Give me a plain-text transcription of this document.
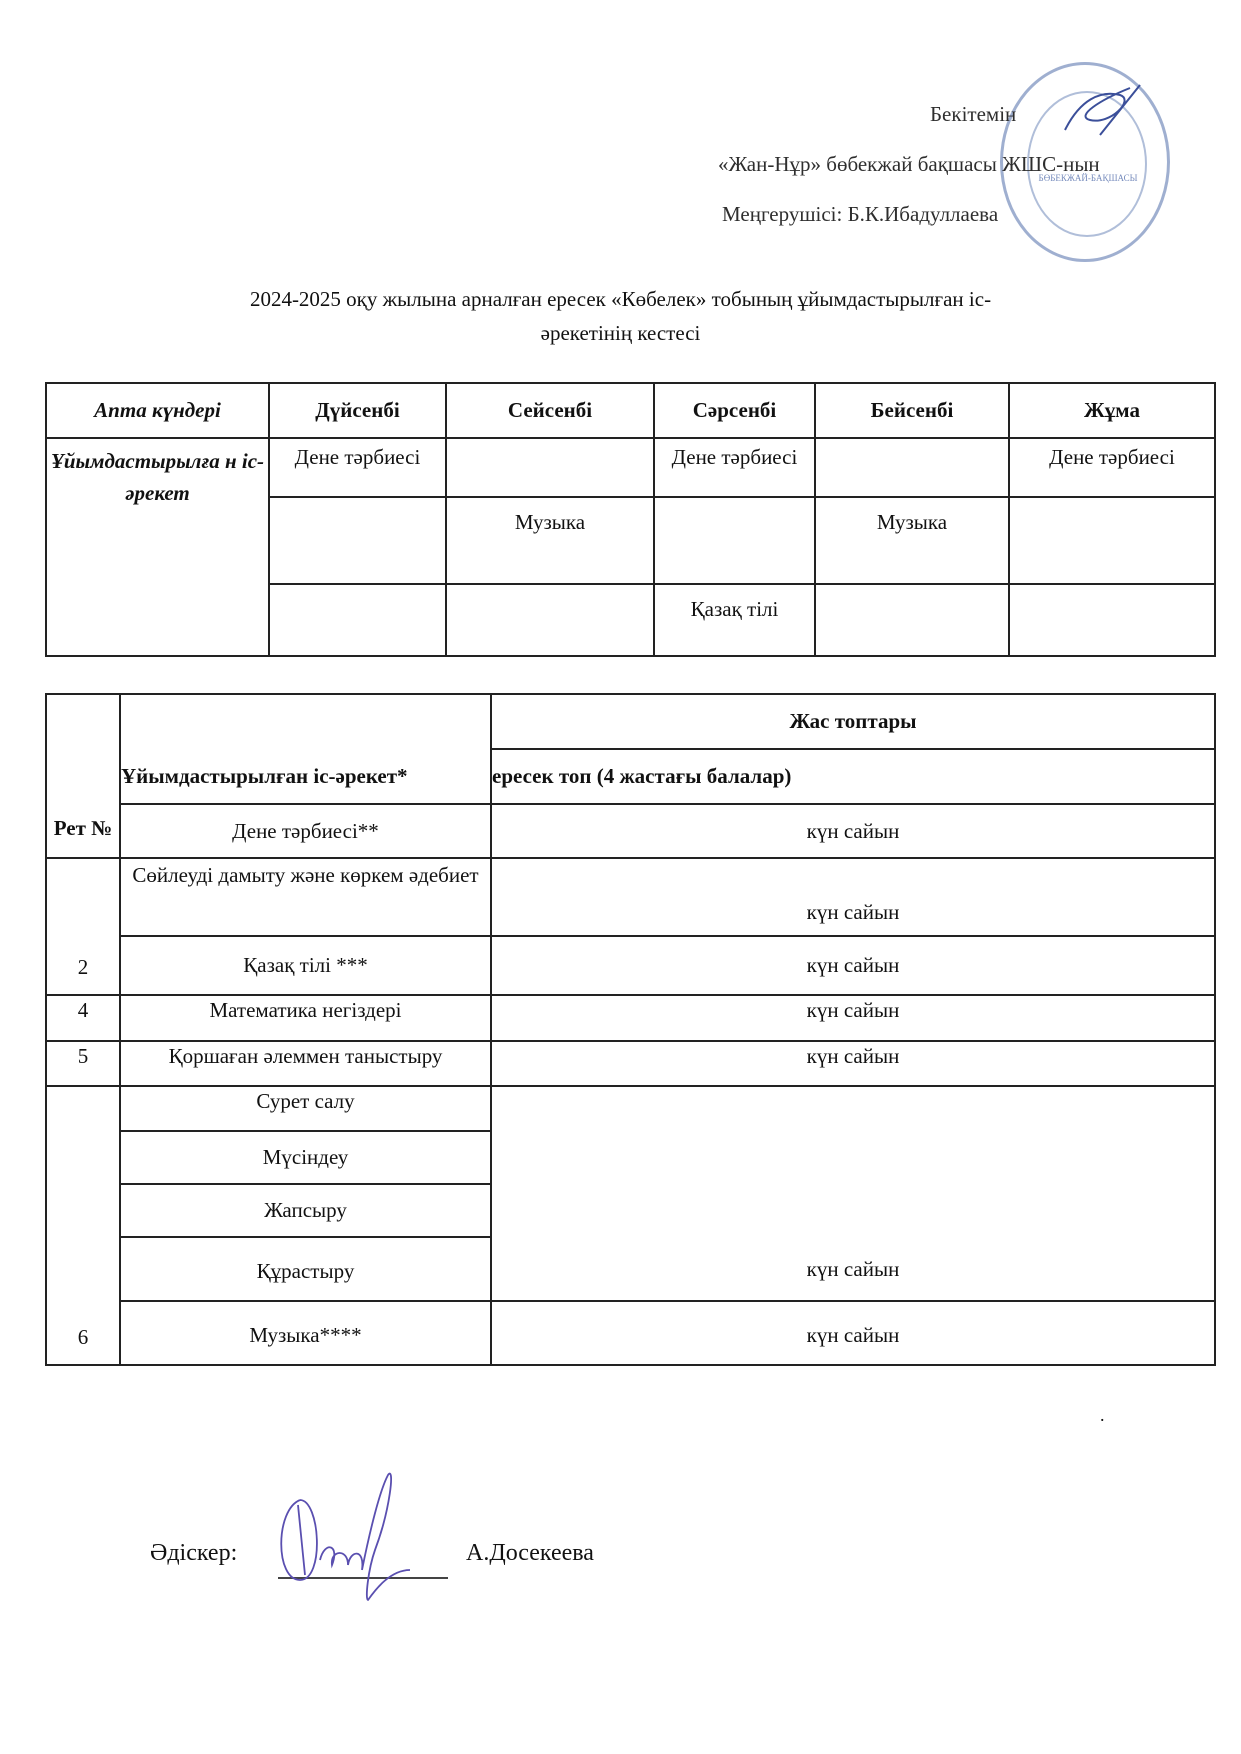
БӨБЕКЖАЙ-БАҚШАСЫ
Бекітемін
«Жан-Нұр» бөбекжай бақшасы ЖШС-нын
Меңгерушісі: Б.К.Ибадуллаева
2024-2025 оқу жылына арналған ересек «Көбелек» тобының ұйымдастырылған іс-
әрекетінің кестесі
Апта күндері	Дүйсенбі	Сейсенбі	Сәрсенбі	Бейсенбі	Жұма
Ұйымдастырылға н іс-әрекет	Дене тәрбиесі		Дене тәрбиесі		Дене тәрбиесі
		Музыка		Музыка	
			Қазақ тілі		
Рет №	Ұйымдастырылған іс-әрекет*	Жас топтары
		ересек топ (4 жастағы балалар)
	Дене тәрбиесі**	күн сайын
2	Сөйлеуді дамыту және көркем әдебиет	күн сайын
	Қазақ тілі ***	күн сайын
4	Математика негіздері	күн сайын
5	Қоршаған әлеммен таныстыру	күн сайын
6	Сурет салу	күн сайын
	Мүсіндеу	
	Жапсыру	
	Құрастыру	
	Музыка****	күн сайын
.
Әдіскер:	А.Досекеева
